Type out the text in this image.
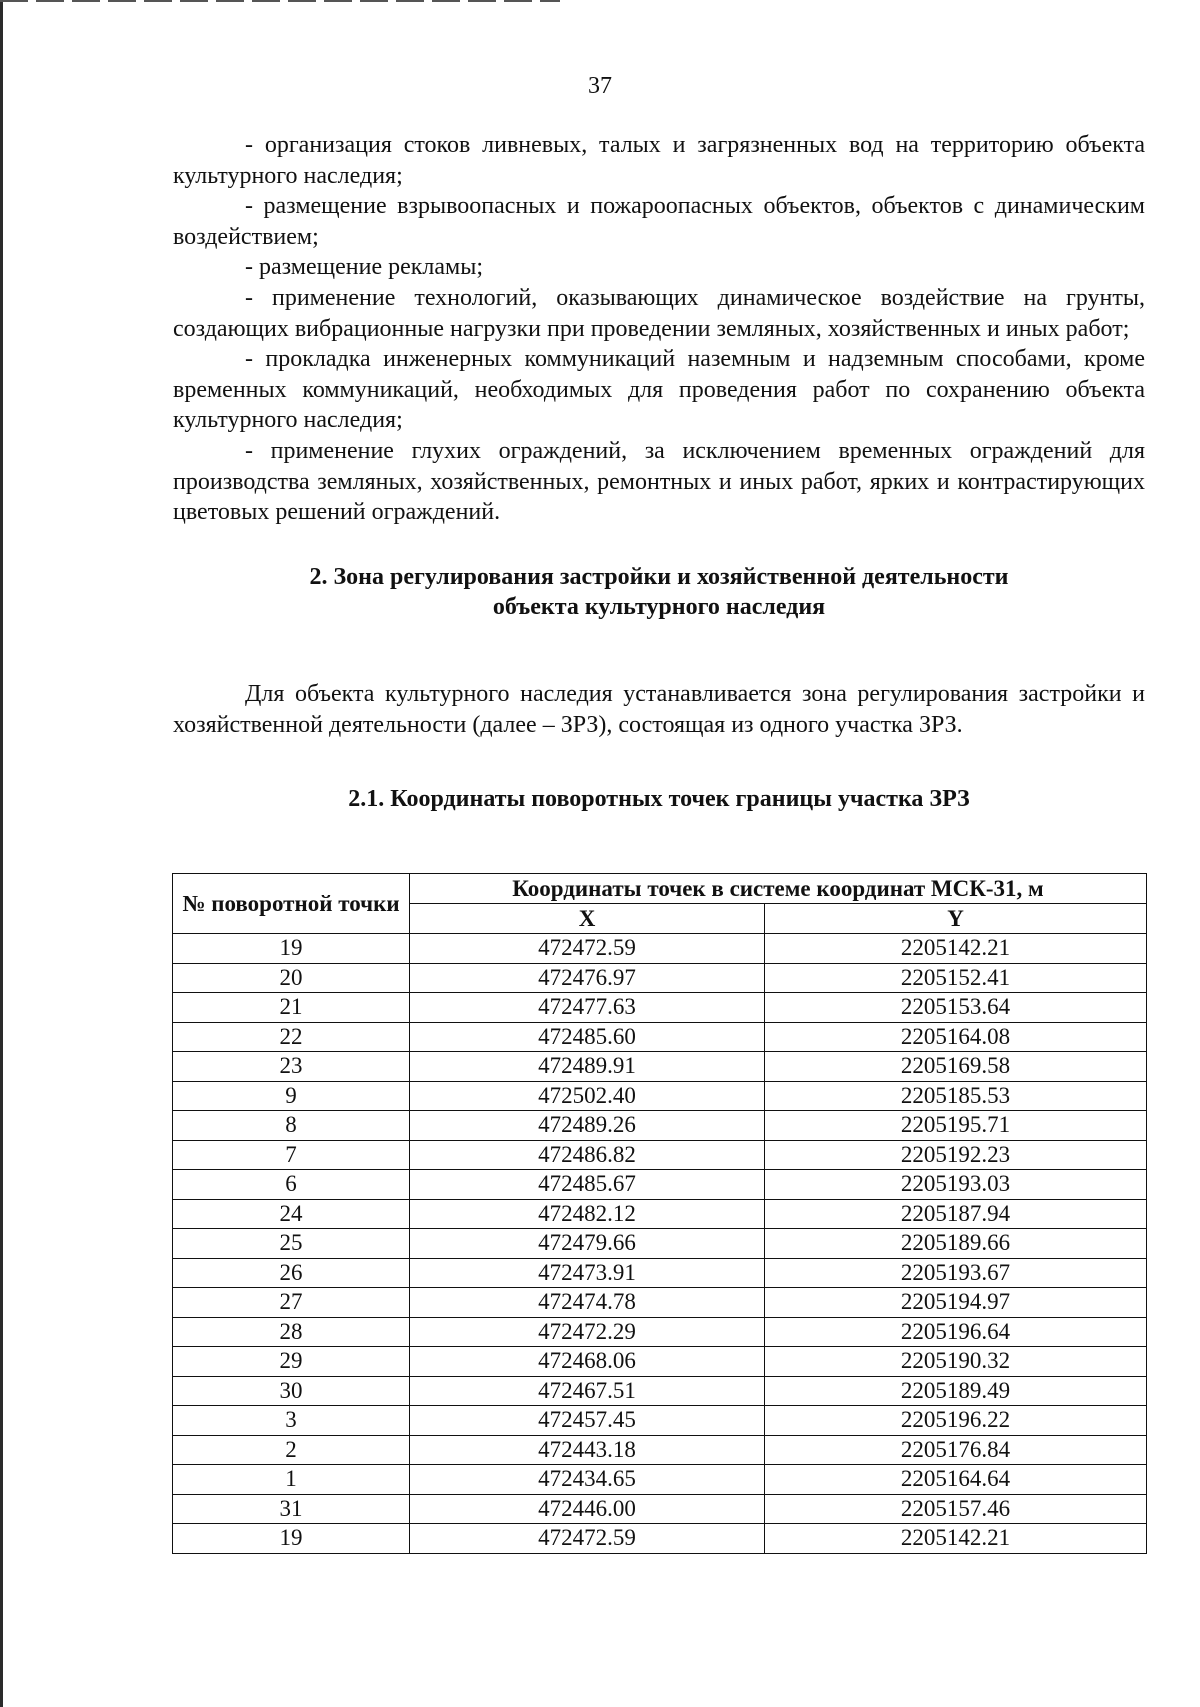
37

- организация стоков ливневых, талых и загрязненных вод на территорию объекта культурного наследия;

- размещение взрывоопасных и пожароопасных объектов, объектов с динамическим воздействием;

- размещение рекламы;

- применение технологий, оказывающих динамическое воздействие на грунты, создающих вибрационные нагрузки при проведении земляных, хозяйственных и иных работ;

- прокладка инженерных коммуникаций наземным и надземным способами, кроме временных коммуникаций, необходимых для проведения работ по сохранению объекта культурного наследия;

- применение глухих ограждений, за исключением временных ограждений для производства земляных, хозяйственных, ремонтных и иных работ, ярких и контрастирующих цветовых решений ограждений.

2. Зона регулирования застройки и хозяйственной деятельности
объекта культурного наследия

Для объекта культурного наследия устанавливается зона регулирования застройки и хозяйственной деятельности (далее – ЗРЗ), состоящая из одного участка ЗРЗ.

2.1. Координаты поворотных точек границы участка ЗРЗ

№ поворотной точки	Координаты точек в системе координат МСК-31, м	
	X	Y
19	472472.59	2205142.21
20	472476.97	2205152.41
21	472477.63	2205153.64
22	472485.60	2205164.08
23	472489.91	2205169.58
9	472502.40	2205185.53
8	472489.26	2205195.71
7	472486.82	2205192.23
6	472485.67	2205193.03
24	472482.12	2205187.94
25	472479.66	2205189.66
26	472473.91	2205193.67
27	472474.78	2205194.97
28	472472.29	2205196.64
29	472468.06	2205190.32
30	472467.51	2205189.49
3	472457.45	2205196.22
2	472443.18	2205176.84
1	472434.65	2205164.64
31	472446.00	2205157.46
19	472472.59	2205142.21
